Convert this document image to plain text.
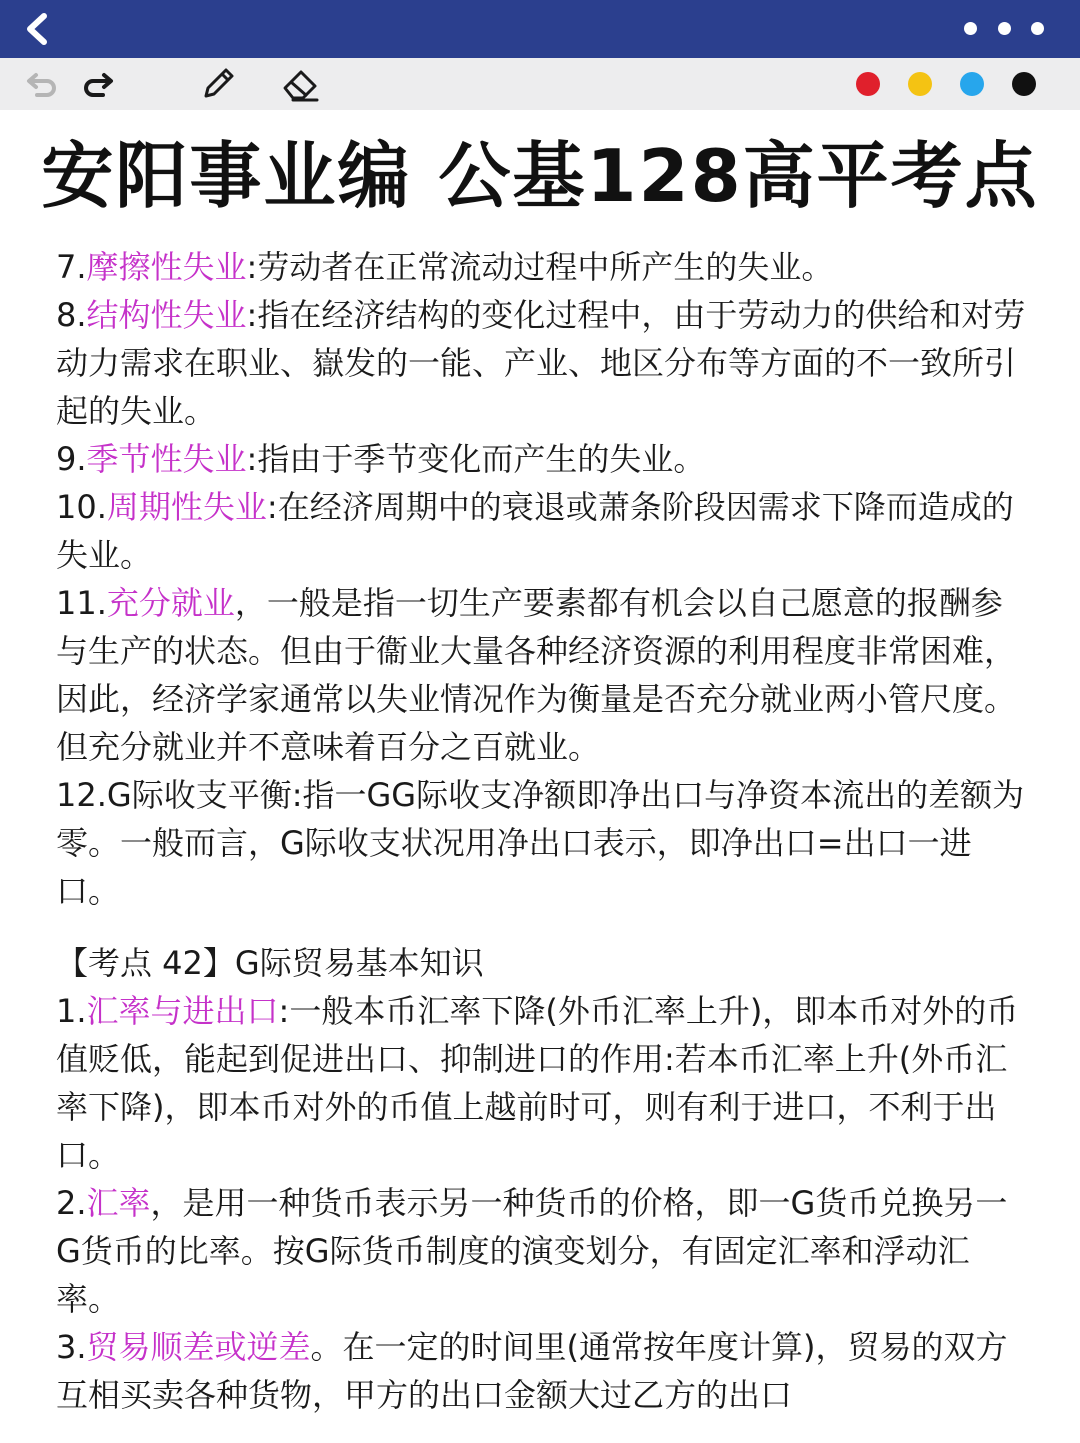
安阳事业编 公基128高平考点

7.摩擦性失业:劳动者在正常流动过程中所产生的失业。

8.结构性失业:指在经济结构的变化过程中，由于劳动力的供给和对劳动力需求在职业、嶽发的一能、产业、地区分布等方面的不一致所引起的失业。

9.季节性失业:指由于季节变化而产生的失业。

10.周期性失业:在经济周期中的衰退或萧条阶段因需求下降而造成的失业。

11.充分就业，一般是指一切生产要素都有机会以自己愿意的报酬参与生产的状态。但由于衞业大量各种经济资源的利用程度非常困难，因此，经济学家通常以失业情况作为衡量是否充分就业两小管尺度。但充分就业并不意味着百分之百就业。

12.G际收支平衡:指一GG际收支净额即净出口与净资本流出的差额为零。一般而言，G际收支状况用净出口表示，即净出口=出口一进口。

【考点 42】G际贸易基本知识

1.汇率与进出口:一般本币汇率下降(外币汇率上升)，即本币对外的币值贬低，能起到促进出口、抑制进口的作用:若本币汇率上升(外币汇率下降)，即本币对外的币值上越前时可，则有利于进口，不利于出口。

2.汇率，是用一种货币表示另一种货币的价格，即一G货币兑换另一G货币的比率。按G际货币制度的演变划分，有固定汇率和浮动汇率。

3.贸易顺差或逆差。在一定的时间里(通常按年度计算)，贸易的双方互相买卖各种货物，甲方的出口金额大过乙方的出口
